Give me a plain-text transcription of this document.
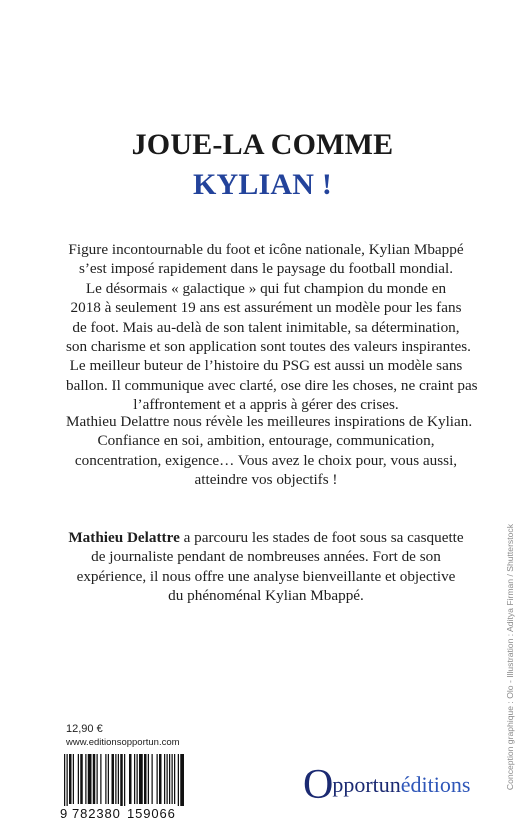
JOUE-LA COMME
KYLIAN !

Figure incontournable du foot et icône nationale, Kylian Mbappé
s’est imposé rapidement dans le paysage du football mondial.
Le désormais « galactique » qui fut champion du monde en
2018 à seulement 19 ans est assurément un modèle pour les fans
de foot. Mais au-delà de son talent inimitable, sa détermination,
son charisme et son application sont toutes des valeurs inspirantes.
Le meilleur buteur de l’histoire du PSG est aussi un modèle sans
ballon. Il communique avec clarté, ose dire les choses, ne craint pas
l’affrontement et a appris à gérer des crises.

Mathieu Delattre nous révèle les meilleures inspirations de Kylian.
Confiance en soi, ambition, entourage, communication,
concentration, exigence… Vous avez le choix pour, vous aussi,
atteindre vos objectifs !

Mathieu Delattre a parcouru les stades de foot sous sa casquette
de journaliste pendant de nombreuses années. Fort de son
expérience, il nous offre une analyse bienveillante et objective
du phénoménal Kylian Mbappé.	Conception graphique : Olo - Illustration : Aditya Firman / Shutterstock
12,90 €
www.editionsopportun.com
9 782380 159066
Opportunéditions
